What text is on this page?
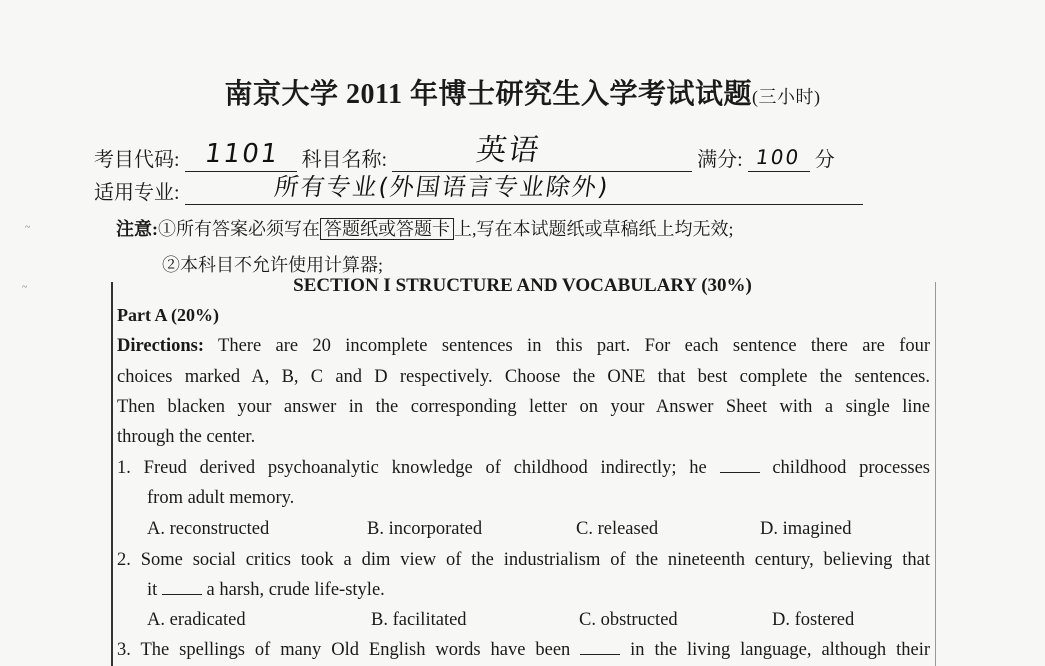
南京大学 2011 年博士研究生入学考试试题(三小时)
考目代码: 1101 科目名称:	英语	满分: 100 分
适用专业:	所有专业(外国语言专业除外)
注意:①所有答案必须写在 答题纸或答题卡 上,写在本试题纸或草稿纸上均无效;
②本科目不允许使用计算器;
~
~	SECTION I STRUCTURE AND VOCABULARY (30%)
Part A (20%)
Directions: There are 20 incomplete sentences in this part. For each sentence there are four
choices marked A, B, C and D respectively. Choose the ONE that best complete the sentences.
Then blacken your answer in the corresponding letter on your Answer Sheet with a single line
through the center.
1. Freud derived psychoanalytic knowledge of childhood indirectly; he	childhood processes
from adult memory.
A. reconstructed	B. incorporated	C. released	D. imagined
2. Some social critics took a dim view of the industrialism of the nineteenth century, believing that
it	a harsh, crude life-style.
A. eradicated	B. facilitated	C. obstructed	D. fostered
3. The spellings of many Old English words have been	in the living language, although their
